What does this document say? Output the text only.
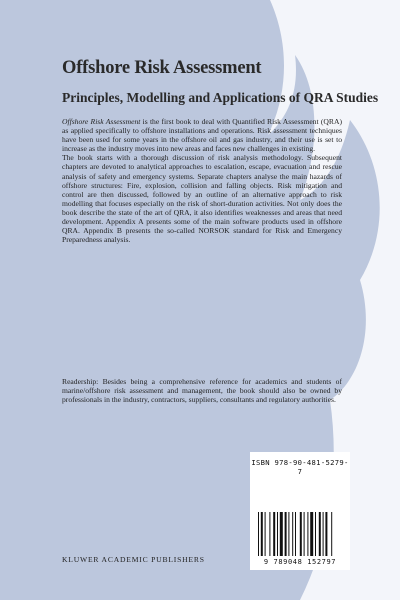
Offshore Risk Assessment
Principles, Modelling and Applications of QRA Studies

Offshore Risk Assessment is the first book to deal with Quantified Risk Assessment (QRA) as applied specifically to offshore installations and operations. Risk assessment techniques have been used for some years in the offshore oil and gas industry, and their use is set to increase as the industry moves into new areas and faces new challenges in existing.

The book starts with a thorough discussion of risk analysis methodology. Subsequent chapters are devoted to analytical approaches to escalation, escape, evacuation and rescue analysis of safety and emergency systems. Separate chapters analyse the main hazards of offshore structures: Fire, explosion, collision and falling objects. Risk mitigation and control are then discussed, followed by an outline of an alternative approach to risk modelling that focuses especially on the risk of short-duration activities. Not only does the book describe the state of the art of QRA, it also identifies weaknesses and areas that need development. Appendix A presents some of the main software products used in offshore QRA. Appendix B presents the so-called NORSOK standard for Risk and Emergency Preparedness analysis.

Readership: Besides being a comprehensive reference for academics and students of marine/offshore risk assessment and management, the book should also be owned by professionals in the industry, contractors, suppliers, consultants and regulatory authorities.

ISBN 978-90-481-5279-7
9 789048 152797

KLUWER ACADEMIC PUBLISHERS
